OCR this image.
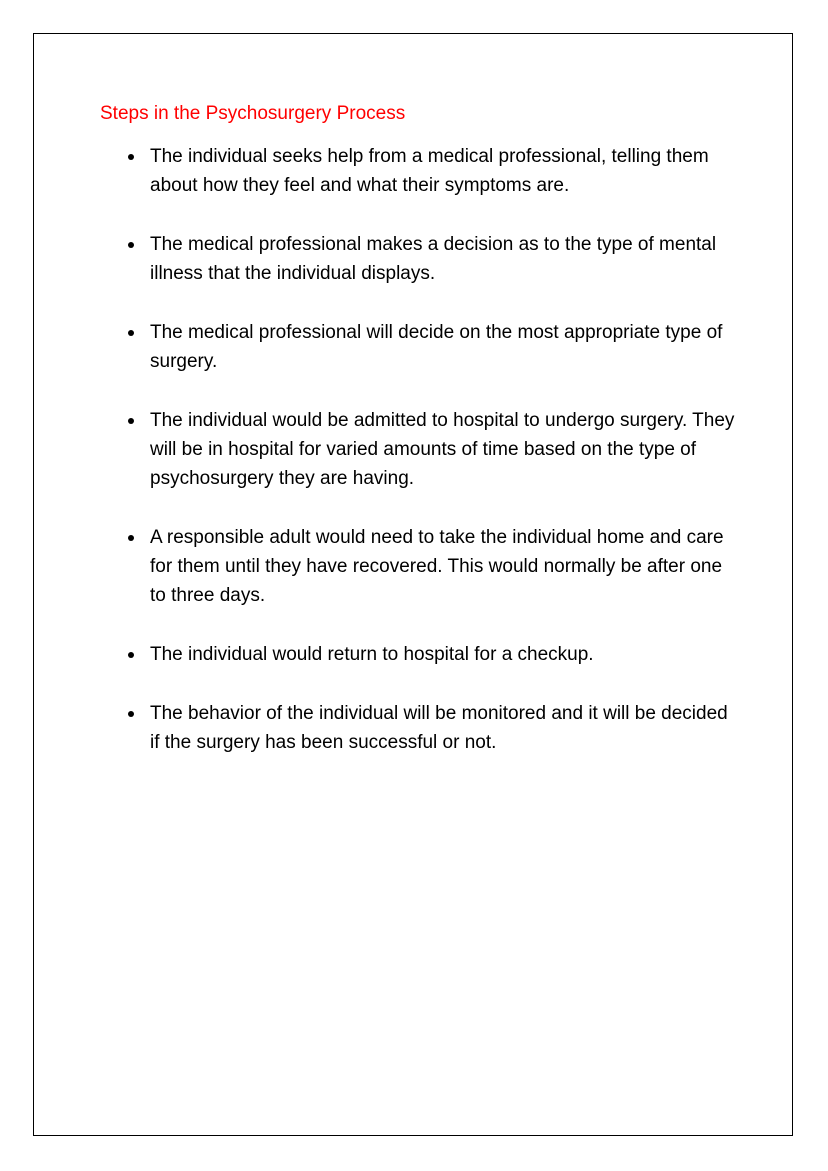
Steps in the Psychosurgery Process
The individual seeks help from a medical professional, telling them about how they feel and what their symptoms are.
The medical professional makes a decision as to the type of mental illness that the individual displays.
The medical professional will decide on the most appropriate type of surgery.
The individual would be admitted to hospital to undergo surgery. They will be in hospital for varied amounts of time based on the type of psychosurgery they are having.
A responsible adult would need to take the individual home and care for them until they have recovered. This would normally be after one to three days.
The individual would return to hospital for a checkup.
The behavior of the individual will be monitored and it will be decided if the surgery has been successful or not.
